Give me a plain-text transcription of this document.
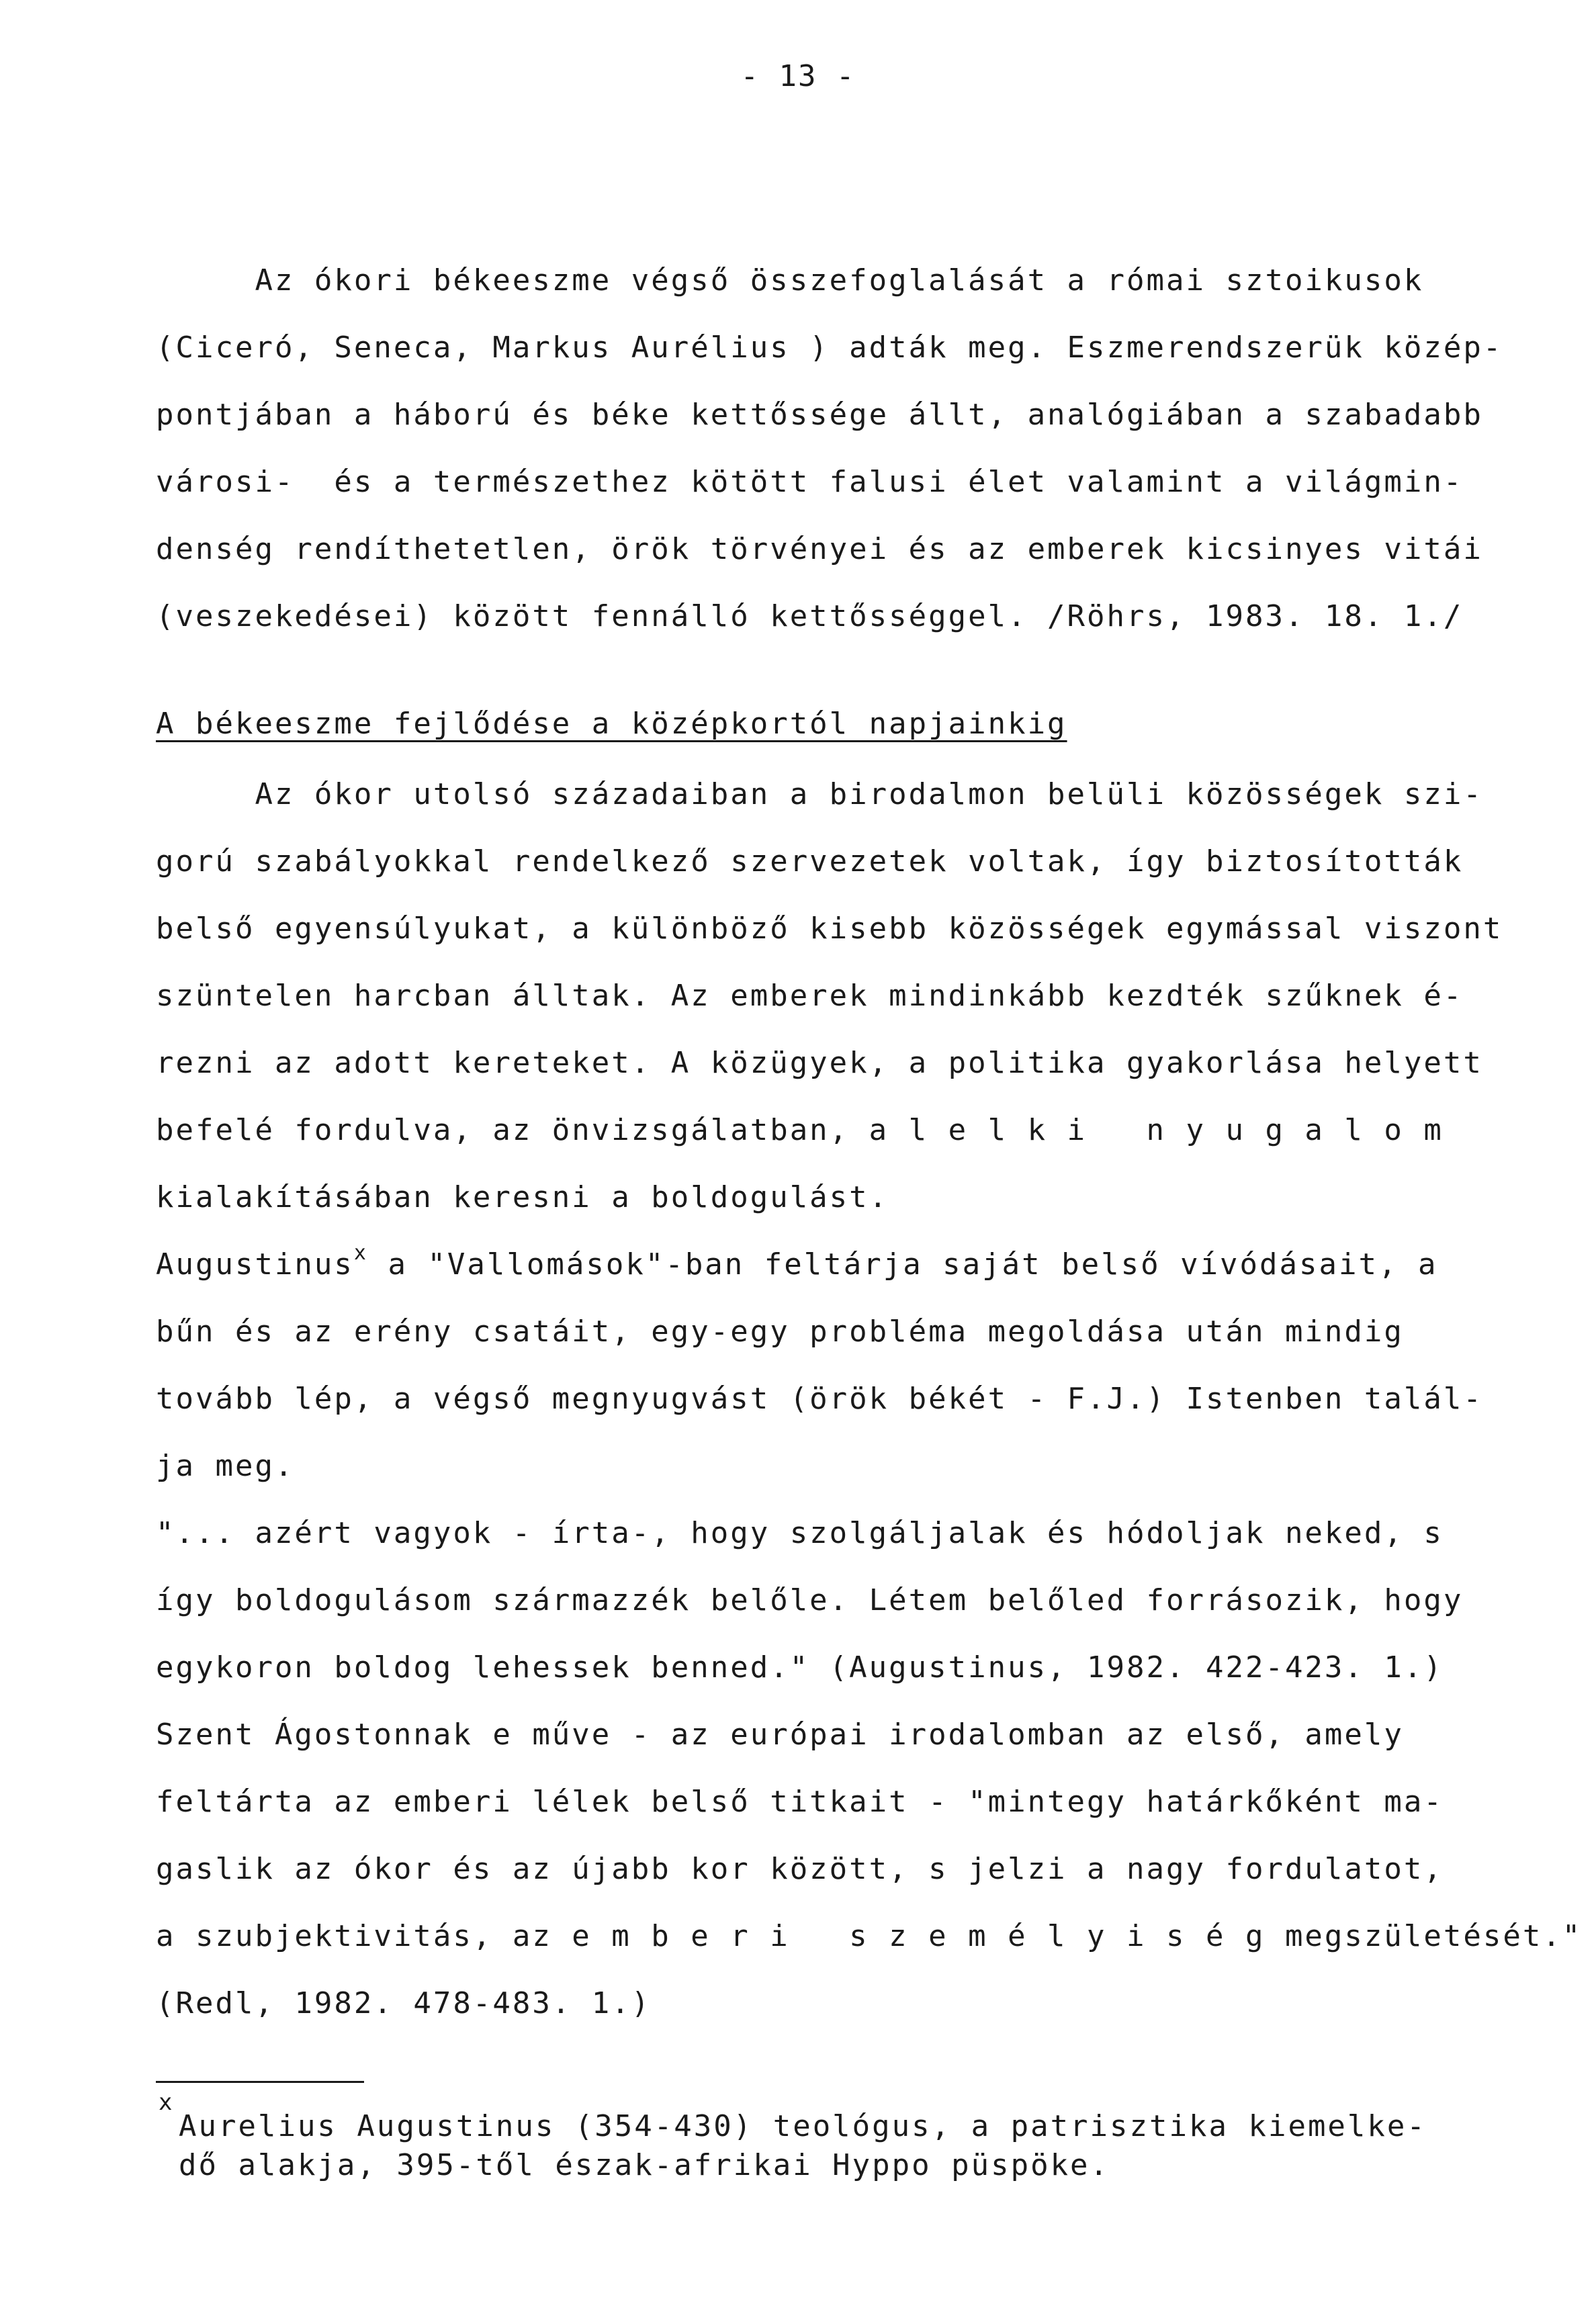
- 13 -
Az ókori békeeszme végső összefoglalását a római sztoikusok
(Ciceró, Seneca, Markus Aurélius ) adták meg. Eszmerendszerük közép-
pontjában a háború és béke kettőssége állt, analógiában a szabadabb
városi-  és a természethez kötött falusi élet valamint a világmin-
denség rendíthetetlen, örök törvényei és az emberek kicsinyes vitái
(veszekedései) között fennálló kettősséggel. /Röhrs, 1983. 18. 1./
A békeeszme fejlődése a középkortól napjainkig
Az ókor utolsó századaiban a birodalmon belüli közösségek szi-
gorú szabályokkal rendelkező szervezetek voltak, így biztosították
belső egyensúlyukat, a különböző kisebb közösségek egymással viszont
szüntelen harcban álltak. Az emberek mindinkább kezdték szűknek é-
rezni az adott kereteket. A közügyek, a politika gyakorlása helyett
befelé fordulva, az önvizsgálatban, a l e l k i   n y u g a l o m
kialakításában keresni a boldogulást.
Augustinus$^x$ a "Vallomások"-ban feltárja saját belső vívódásait, a
bűn és az erény csatáit, egy-egy probléma megoldása után mindig
tovább lép, a végső megnyugvást (örök békét - F.J.) Istenben talál-
ja meg.
"... azért vagyok - írta-, hogy szolgáljalak és hódoljak neked, s
így boldogulásom származzék belőle. Létem belőled forrásozik, hogy
egykoron boldog lehessek benned." (Augustinus, 1982. 422-423. 1.)
Szent Ágostonnak e műve - az európai irodalomban az első, amely
feltárta az emberi lélek belső titkait - "mintegy határkőként ma-
gaslik az ókor és az újabb kor között, s jelzi a nagy fordulatot,
a szubjektivitás, az e m b e r i   s z e m é l y i s é g megszületését."
(Redl, 1982. 478-483. 1.)
x
Aurelius Augustinus (354-430) teológus, a patrisztika kiemelke-
dő alakja, 395-től észak-afrikai Hyppo püspöke.
